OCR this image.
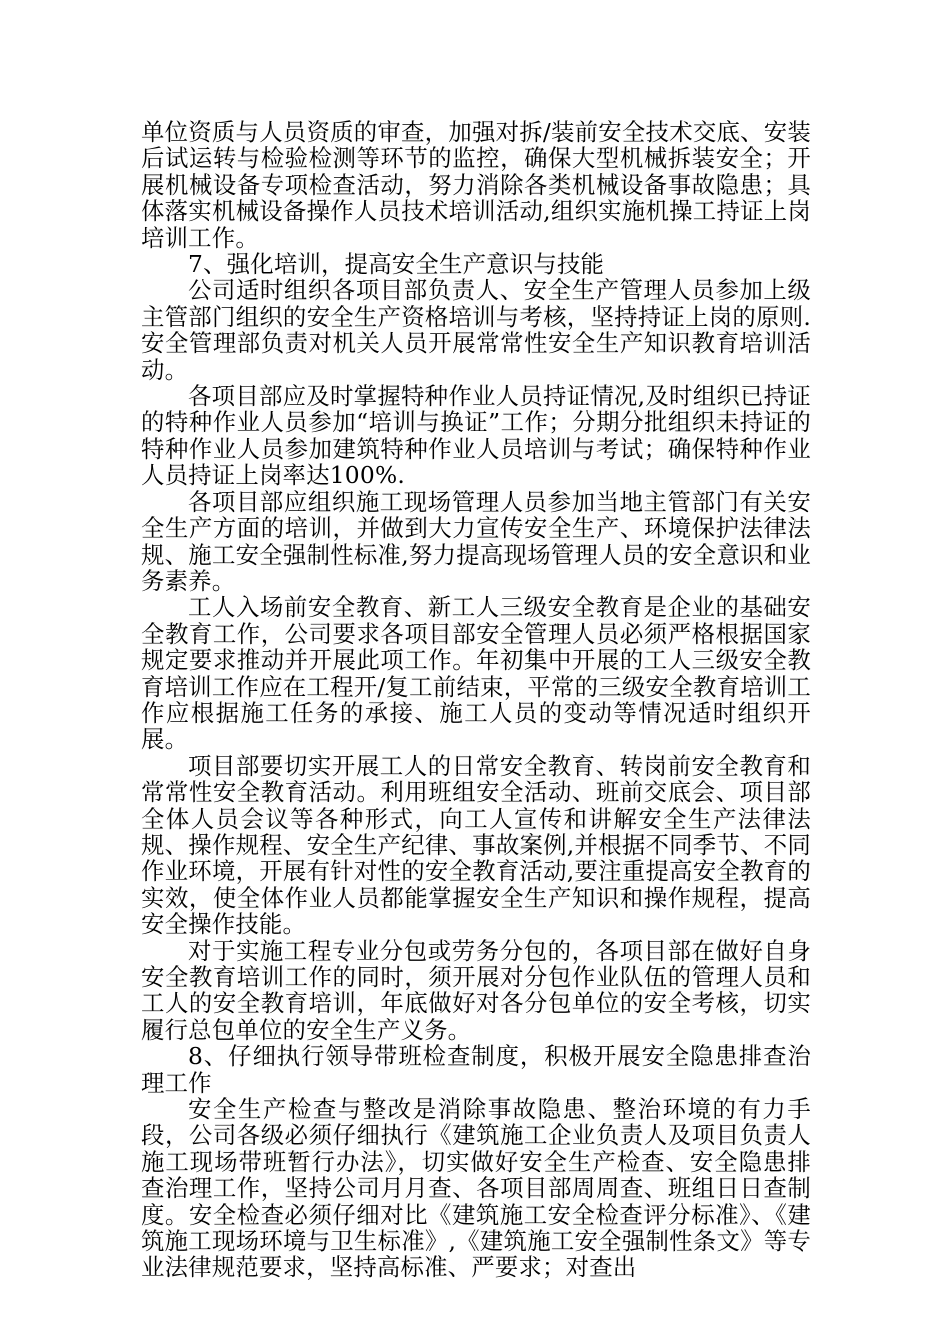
单位资质与人员资质的审查，加强对拆/装前安全技术交底、安装后试运转与检验检测等环节的监控，确保大型机械拆装安全；开展机械设备专项检查活动，努力消除各类机械设备事故隐患；具体落实机械设备操作人员技术培训活动,组织实施机操工持证上岗培训工作。

7、强化培训，提高安全生产意识与技能

公司适时组织各项目部负责人、安全生产管理人员参加上级主管部门组织的安全生产资格培训与考核，坚持持证上岗的原则.安全管理部负责对机关人员开展常常性安全生产知识教育培训活动。

各项目部应及时掌握特种作业人员持证情况,及时组织已持证的特种作业人员参加“培训与换证”工作；分期分批组织未持证的特种作业人员参加建筑特种作业人员培训与考试；确保特种作业人员持证上岗率达100%.

各项目部应组织施工现场管理人员参加当地主管部门有关安全生产方面的培训，并做到大力宣传安全生产、环境保护法律法规、施工安全强制性标准,努力提高现场管理人员的安全意识和业务素养。

工人入场前安全教育、新工人三级安全教育是企业的基础安全教育工作，公司要求各项目部安全管理人员必须严格根据国家规定要求推动并开展此项工作。年初集中开展的工人三级安全教育培训工作应在工程开/复工前结束，平常的三级安全教育培训工作应根据施工任务的承接、施工人员的变动等情况适时组织开展。

项目部要切实开展工人的日常安全教育、转岗前安全教育和常常性安全教育活动。利用班组安全活动、班前交底会、项目部全体人员会议等各种形式，向工人宣传和讲解安全生产法律法规、操作规程、安全生产纪律、事故案例,并根据不同季节、不同作业环境，开展有针对性的安全教育活动,要注重提高安全教育的实效，使全体作业人员都能掌握安全生产知识和操作规程，提高安全操作技能。

对于实施工程专业分包或劳务分包的，各项目部在做好自身安全教育培训工作的同时，须开展对分包作业队伍的管理人员和工人的安全教育培训，年底做好对各分包单位的安全考核，切实履行总包单位的安全生产义务。

8、仔细执行领导带班检查制度，积极开展安全隐患排查治理工作

安全生产检查与整改是消除事故隐患、整治环境的有力手段，公司各级必须仔细执行《建筑施工企业负责人及项目负责人施工现场带班暂行办法》，切实做好安全生产检查、安全隐患排查治理工作，坚持公司月月查、各项目部周周查、班组日日查制度。安全检查必须仔细对比《建筑施工安全检查评分标准》、《建筑施工现场环境与卫生标准》,《建筑施工安全强制性条文》等专业法律规范要求，坚持高标准、严要求；对查出
